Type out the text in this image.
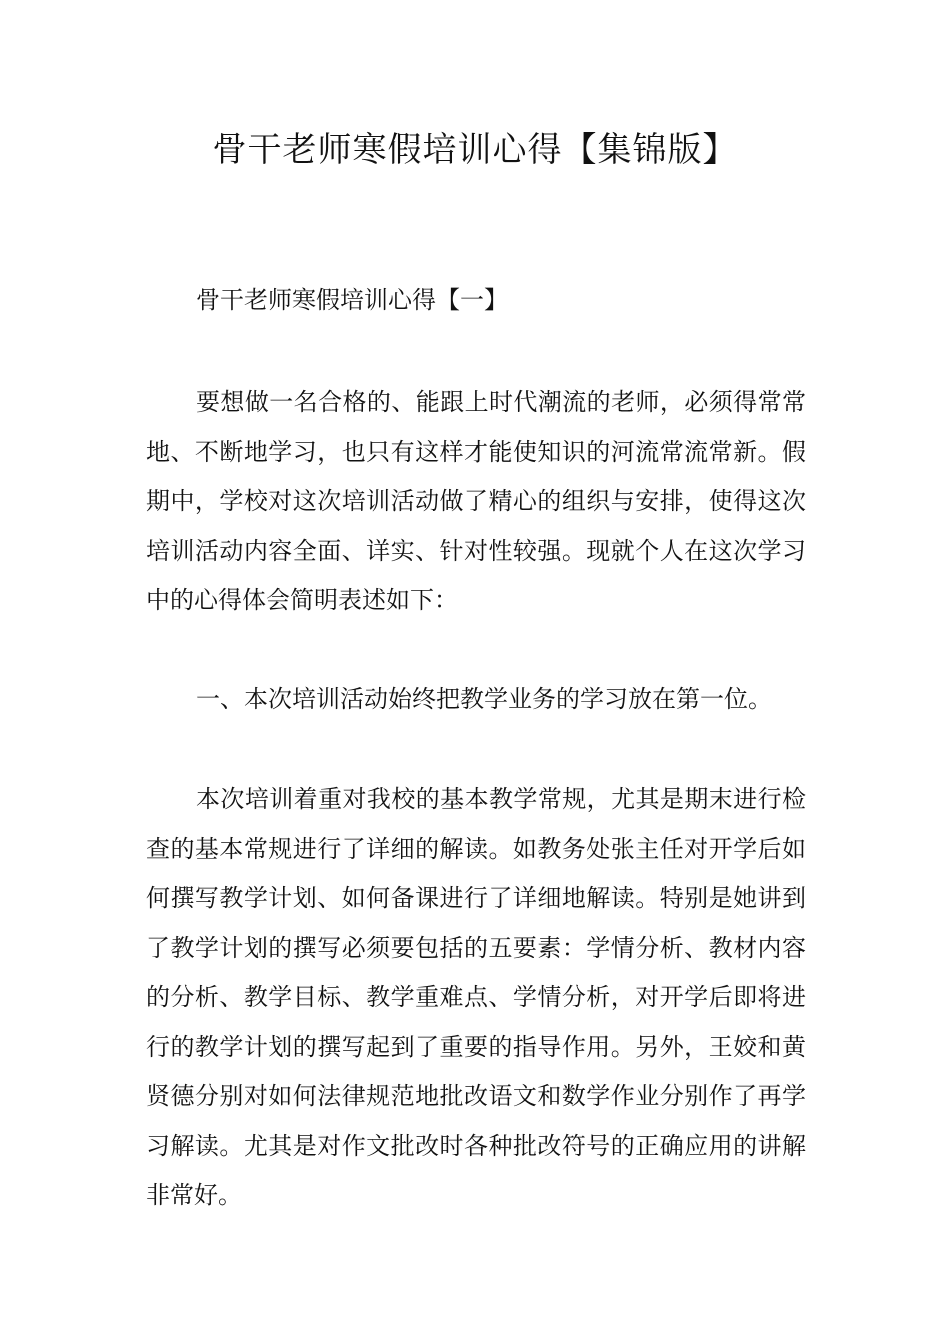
骨干老师寒假培训心得【集锦版】
骨干老师寒假培训心得【一】

要想做一名合格的、能跟上时代潮流的老师，必须得常常地、不断地学习，也只有这样才能使知识的河流常流常新。假期中，学校对这次培训活动做了精心的组织与安排，使得这次培训活动内容全面、详实、针对性较强。现就个人在这次学习中的心得体会简明表述如下：

一、本次培训活动始终把教学业务的学习放在第一位。

本次培训着重对我校的基本教学常规，尤其是期末进行检查的基本常规进行了详细的解读。如教务处张主任对开学后如何撰写教学计划、如何备课进行了详细地解读。特别是她讲到了教学计划的撰写必须要包括的五要素：学情分析、教材内容的分析、教学目标、教学重难点、学情分析，对开学后即将进行的教学计划的撰写起到了重要的指导作用。另外，王姣和黄贤德分别对如何法律规范地批改语文和数学作业分别作了再学习解读。尤其是对作文批改时各种批改符号的正确应用的讲解非常好。
